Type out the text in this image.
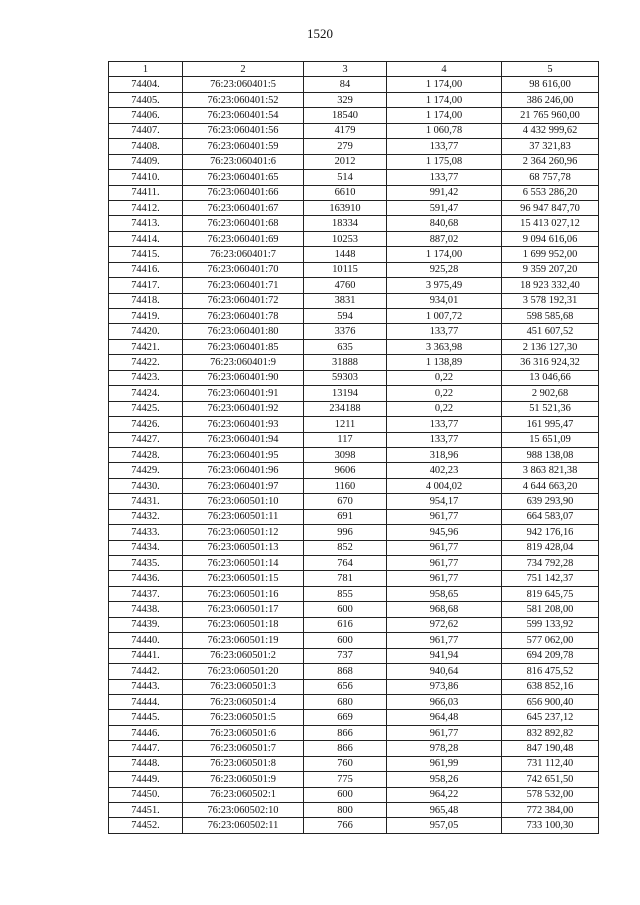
1520
1	2	3	4	5
74404.	76:23:060401:5	84	1 174,00	98 616,00
74405.	76:23:060401:52	329	1 174,00	386 246,00
74406.	76:23:060401:54	18540	1 174,00	21 765 960,00
74407.	76:23:060401:56	4179	1 060,78	4 432 999,62
74408.	76:23:060401:59	279	133,77	37 321,83
74409.	76:23:060401:6	2012	1 175,08	2 364 260,96
74410.	76:23:060401:65	514	133,77	68 757,78
74411.	76:23:060401:66	6610	991,42	6 553 286,20
74412.	76:23:060401:67	163910	591,47	96 947 847,70
74413.	76:23:060401:68	18334	840,68	15 413 027,12
74414.	76:23:060401:69	10253	887,02	9 094 616,06
74415.	76:23:060401:7	1448	1 174,00	1 699 952,00
74416.	76:23:060401:70	10115	925,28	9 359 207,20
74417.	76:23:060401:71	4760	3 975,49	18 923 332,40
74418.	76:23:060401:72	3831	934,01	3 578 192,31
74419.	76:23:060401:78	594	1 007,72	598 585,68
74420.	76:23:060401:80	3376	133,77	451 607,52
74421.	76:23:060401:85	635	3 363,98	2 136 127,30
74422.	76:23:060401:9	31888	1 138,89	36 316 924,32
74423.	76:23:060401:90	59303	0,22	13 046,66
74424.	76:23:060401:91	13194	0,22	2 902,68
74425.	76:23:060401:92	234188	0,22	51 521,36
74426.	76:23:060401:93	1211	133,77	161 995,47
74427.	76:23:060401:94	117	133,77	15 651,09
74428.	76:23:060401:95	3098	318,96	988 138,08
74429.	76:23:060401:96	9606	402,23	3 863 821,38
74430.	76:23:060401:97	1160	4 004,02	4 644 663,20
74431.	76:23:060501:10	670	954,17	639 293,90
74432.	76:23:060501:11	691	961,77	664 583,07
74433.	76:23:060501:12	996	945,96	942 176,16
74434.	76:23:060501:13	852	961,77	819 428,04
74435.	76:23:060501:14	764	961,77	734 792,28
74436.	76:23:060501:15	781	961,77	751 142,37
74437.	76:23:060501:16	855	958,65	819 645,75
74438.	76:23:060501:17	600	968,68	581 208,00
74439.	76:23:060501:18	616	972,62	599 133,92
74440.	76:23:060501:19	600	961,77	577 062,00
74441.	76:23:060501:2	737	941,94	694 209,78
74442.	76:23:060501:20	868	940,64	816 475,52
74443.	76:23:060501:3	656	973,86	638 852,16
74444.	76:23:060501:4	680	966,03	656 900,40
74445.	76:23:060501:5	669	964,48	645 237,12
74446.	76:23:060501:6	866	961,77	832 892,82
74447.	76:23:060501:7	866	978,28	847 190,48
74448.	76:23:060501:8	760	961,99	731 112,40
74449.	76:23:060501:9	775	958,26	742 651,50
74450.	76:23:060502:1	600	964,22	578 532,00
74451.	76:23:060502:10	800	965,48	772 384,00
74452.	76:23:060502:11	766	957,05	733 100,30
